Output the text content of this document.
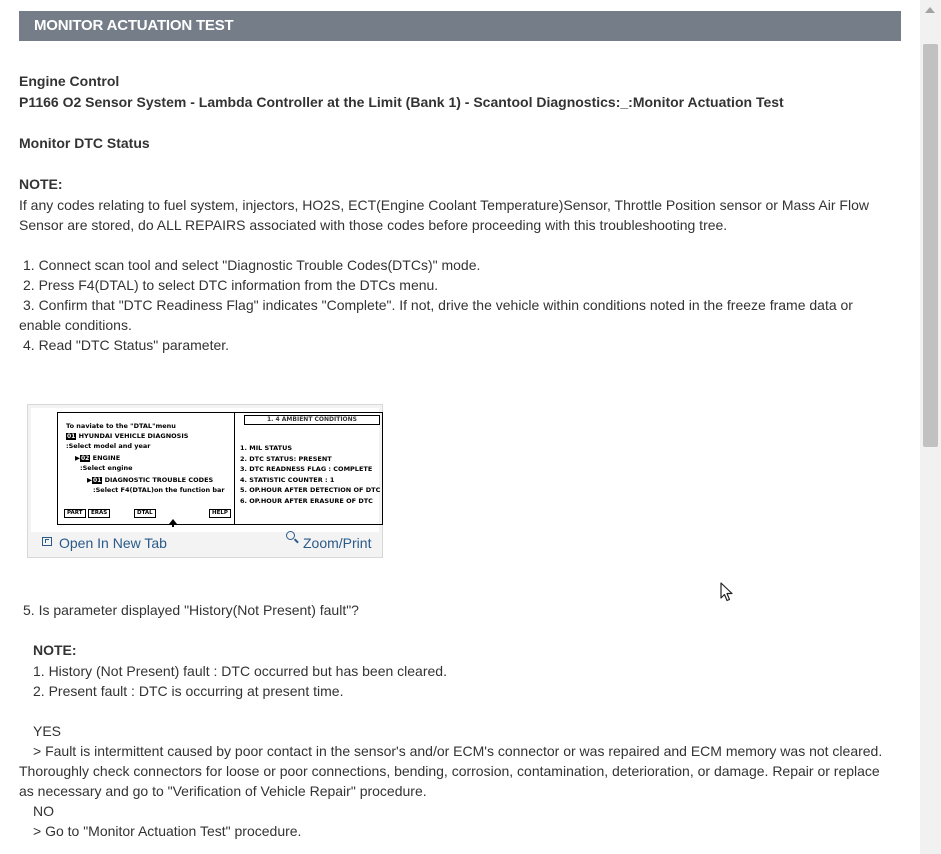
MONITOR ACTUATION TEST
Engine Control
P1166 O2 Sensor System - Lambda Controller at the Limit (Bank 1) - Scantool Diagnostics:_:Monitor Actuation Test
Monitor DTC Status
NOTE:
If any codes relating to fuel system, injectors, HO2S, ECT(Engine Coolant Temperature)Sensor, Throttle Position sensor or Mass Air Flow
Sensor are stored, do ALL REPAIRS associated with those codes before proceeding with this troubleshooting tree.
1. Connect scan tool and select "Diagnostic Trouble Codes(DTCs)" mode.
2. Press F4(DTAL) to select DTC information from the DTCs menu.
3. Confirm that "DTC Readiness Flag" indicates "Complete". If not, drive the vehicle within conditions noted in the freeze frame data or
enable conditions.
4. Read "DTC Status" parameter.
To naviate to the "DTAL"menu
01 HYUNDAI VEHICLE DIAGNOSIS
:Select model and year
▶02 ENGINE
:Select engine
▶01 DIAGNOSTIC TROUBLE CODES
:Select F4(DTAL)on the function bar
PART	ERAS	DTAL	HELP
1. 4 AMBIENT CONDITIONS
1. MIL STATUS
2. DTC STATUS: PRESENT
3. DTC READNESS FLAG : COMPLETE
4. STATISTIC COUNTER : 1
5. OP.HOUR AFTER DETECTION OF DTC
6. OP.HOUR AFTER ERASURE OF DTC
Open In New Tab	Zoom/Print
5. Is parameter displayed "History(Not Present) fault"?
NOTE:
1. History (Not Present) fault : DTC occurred but has been cleared.
2. Present fault : DTC is occurring at present time.
YES
> Fault is intermittent caused by poor contact in the sensor's and/or ECM's connector or was repaired and ECM memory was not cleared.
Thoroughly check connectors for loose or poor connections, bending, corrosion, contamination, deterioration, or damage. Repair or replace
as necessary and go to "Verification of Vehicle Repair" procedure.
NO
> Go to "Monitor Actuation Test" procedure.
